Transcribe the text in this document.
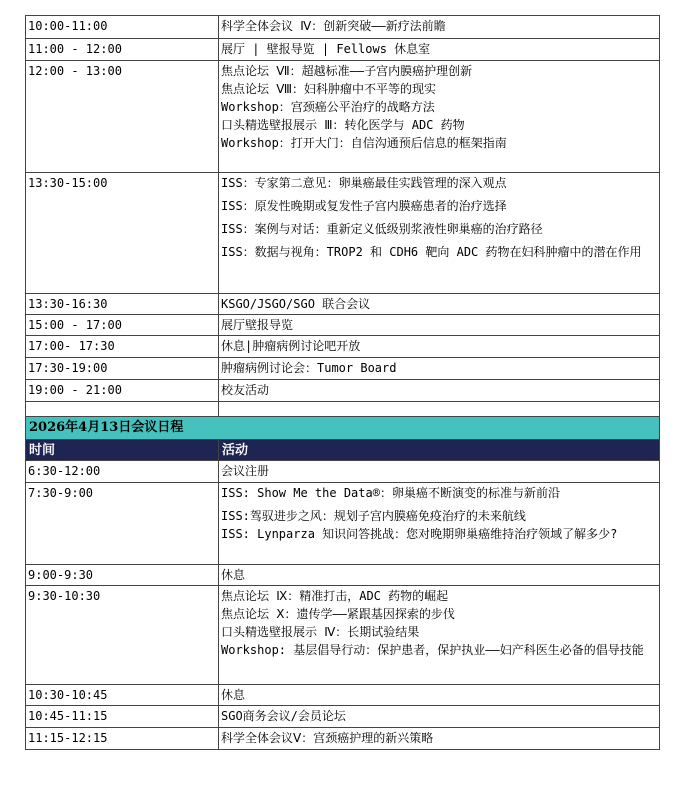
10:00-11:00	科学全体会议 Ⅳ：创新突破——新疗法前瞻

11:00 - 12:00	展厅 | 壁报导览 | Fellows 休息室

12:00 - 13:00	焦点论坛 Ⅶ：超越标准——子宫内膜癌护理创新
焦点论坛 Ⅷ：妇科肿瘤中不平等的现实
Workshop：宫颈癌公平治疗的战略方法
口头精选壁报展示 Ⅲ：转化医学与 ADC 药物
Workshop：打开大门：自信沟通预后信息的框架指南

13:30-15:00	ISS：专家第二意见：卵巢癌最佳实践管理的深入观点
ISS：原发性晚期或复发性子宫内膜癌患者的治疗选择
ISS：案例与对话：重新定义低级别浆液性卵巢癌的治疗路径
ISS：数据与视角：TROP2 和 CDH6 靶向 ADC 药物在妇科肿瘤中的潜在作用

13:30-16:30	KSGO/JSGO/SGO 联合会议

15:00 - 17:00	展厅壁报导览

17:00- 17:30	休息|肿瘤病例讨论吧开放

17:30-19:00	肿瘤病例讨论会：Tumor Board

19:00 - 21:00	校友活动

2026年4月13日会议日程	
时间	活动
6:30-12:00	会议注册

7:30-9:00	ISS: Show Me the Data®：卵巢癌不断演变的标准与新前沿
ISS:驾驭进步之风：规划子宫内膜癌免疫治疗的未来航线
ISS: Lynparza 知识问答挑战：您对晚期卵巢癌维持治疗领域了解多少?

9:00-9:30	休息

9:30-10:30	焦点论坛 Ⅸ：精准打击，ADC 药物的崛起
焦点论坛 Ⅹ：遗传学——紧跟基因探索的步伐
口头精选壁报展示 Ⅳ：长期试验结果
Workshop: 基层倡导行动：保护患者，保护执业——妇产科医生必备的倡导技能

10:30-10:45	休息

10:45-11:15	SGO商务会议/会员论坛

11:15-12:15	科学全体会议Ⅴ：宫颈癌护理的新兴策略
